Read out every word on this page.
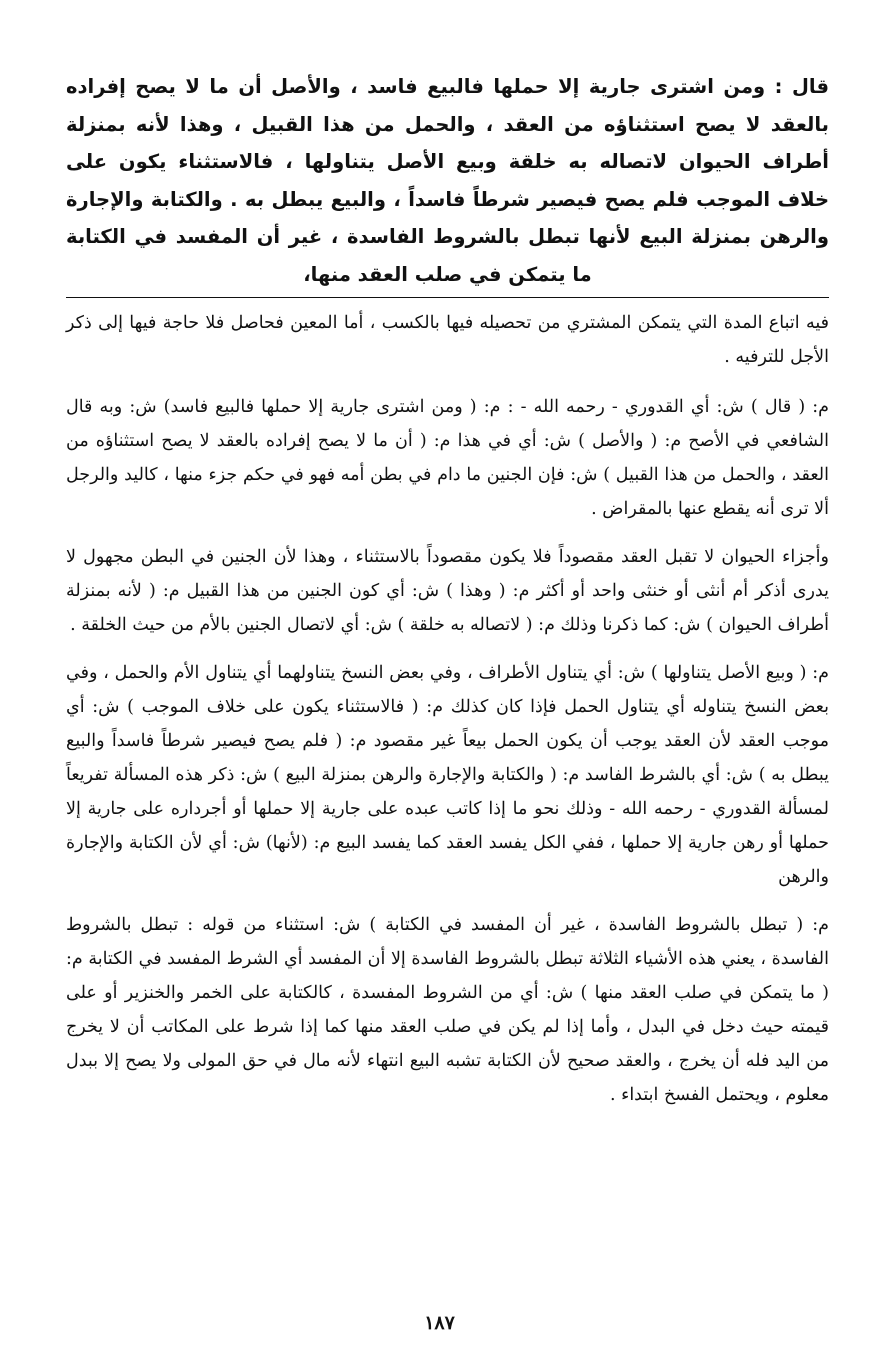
قال : ومن اشترى جارية إلا حملها فالبيع فاسد ، والأصل أن ما لا يصح إفراده بالعقد لا يصح استثناؤه من العقد ، والحمل من هذا القبيل ، وهذا لأنه بمنزلة أطراف الحيوان لاتصاله به خلقة وبيع الأصل يتناولها ، فالاستثناء يكون على خلاف الموجب فلم يصح فيصير شرطاً فاسداً ، والبيع يبطل به . والكتابة والإجارة والرهن بمنزلة البيع لأنها تبطل بالشروط الفاسدة ، غير أن المفسد في الكتابة ما يتمكن في صلب العقد منها،

فيه اتباع المدة التي يتمكن المشتري من تحصيله فيها بالكسب ، أما المعين فحاصل فلا حاجة فيها إلى ذكر الأجل للترفيه .

م: ( قال ) ش: أي القدوري - رحمه الله - : م: ( ومن اشترى جارية إلا حملها فالبيع فاسد) ش: وبه قال الشافعي في الأصح م: ( والأصل ) ش: أي في هذا م: ( أن ما لا يصح إفراده بالعقد لا يصح استثناؤه من العقد ، والحمل من هذا القبيل ) ش: فإن الجنين ما دام في بطن أمه فهو في حكم جزء منها ، كاليد والرجل ألا ترى أنه يقطع عنها بالمقراض .

وأجزاء الحيوان لا تقبل العقد مقصوداً فلا يكون مقصوداً بالاستثناء ، وهذا لأن الجنين في البطن مجهول لا يدرى أذكر أم أنثى أو خنثى واحد أو أكثر م: ( وهذا ) ش: أي كون الجنين من هذا القبيل م: ( لأنه بمنزلة أطراف الحيوان ) ش: كما ذكرنا وذلك م: ( لاتصاله به خلقة ) ش: أي لاتصال الجنين بالأم من حيث الخلقة .

م: ( وبيع الأصل يتناولها ) ش: أي يتناول الأطراف ، وفي بعض النسخ يتناولهما أي يتناول الأم والحمل ، وفي بعض النسخ يتناوله أي يتناول الحمل فإذا كان كذلك م: ( فالاستثناء يكون على خلاف الموجب ) ش: أي موجب العقد لأن العقد يوجب أن يكون الحمل بيعاً غير مقصود م: ( فلم يصح فيصير شرطاً فاسداً والبيع يبطل به ) ش: أي بالشرط الفاسد م: ( والكتابة والإجارة والرهن بمنزلة البيع ) ش: ذكر هذه المسألة تفريعاً لمسألة القدوري - رحمه الله - وذلك نحو ما إذا كاتب عبده على جارية إلا حملها أو أجرداره على جارية إلا حملها أو رهن جارية إلا حملها ، ففي الكل يفسد العقد كما يفسد البيع م: (لأنها) ش: أي لأن الكتابة والإجارة والرهن

م: ( تبطل بالشروط الفاسدة ، غير أن المفسد في الكتابة ) ش: استثناء من قوله : تبطل بالشروط الفاسدة ، يعني هذه الأشياء الثلاثة تبطل بالشروط الفاسدة إلا أن المفسد أي الشرط المفسد في الكتابة م: ( ما يتمكن في صلب العقد منها ) ش: أي من الشروط المفسدة ، كالكتابة على الخمر والخنزير أو على قيمته حيث دخل في البدل ، وأما إذا لم يكن في صلب العقد منها كما إذا شرط على المكاتب أن لا يخرج من اليد فله أن يخرج ، والعقد صحيح لأن الكتابة تشبه البيع انتهاء لأنه مال في حق المولى ولا يصح إلا ببدل معلوم ، ويحتمل الفسخ ابتداء .

١٨٧
